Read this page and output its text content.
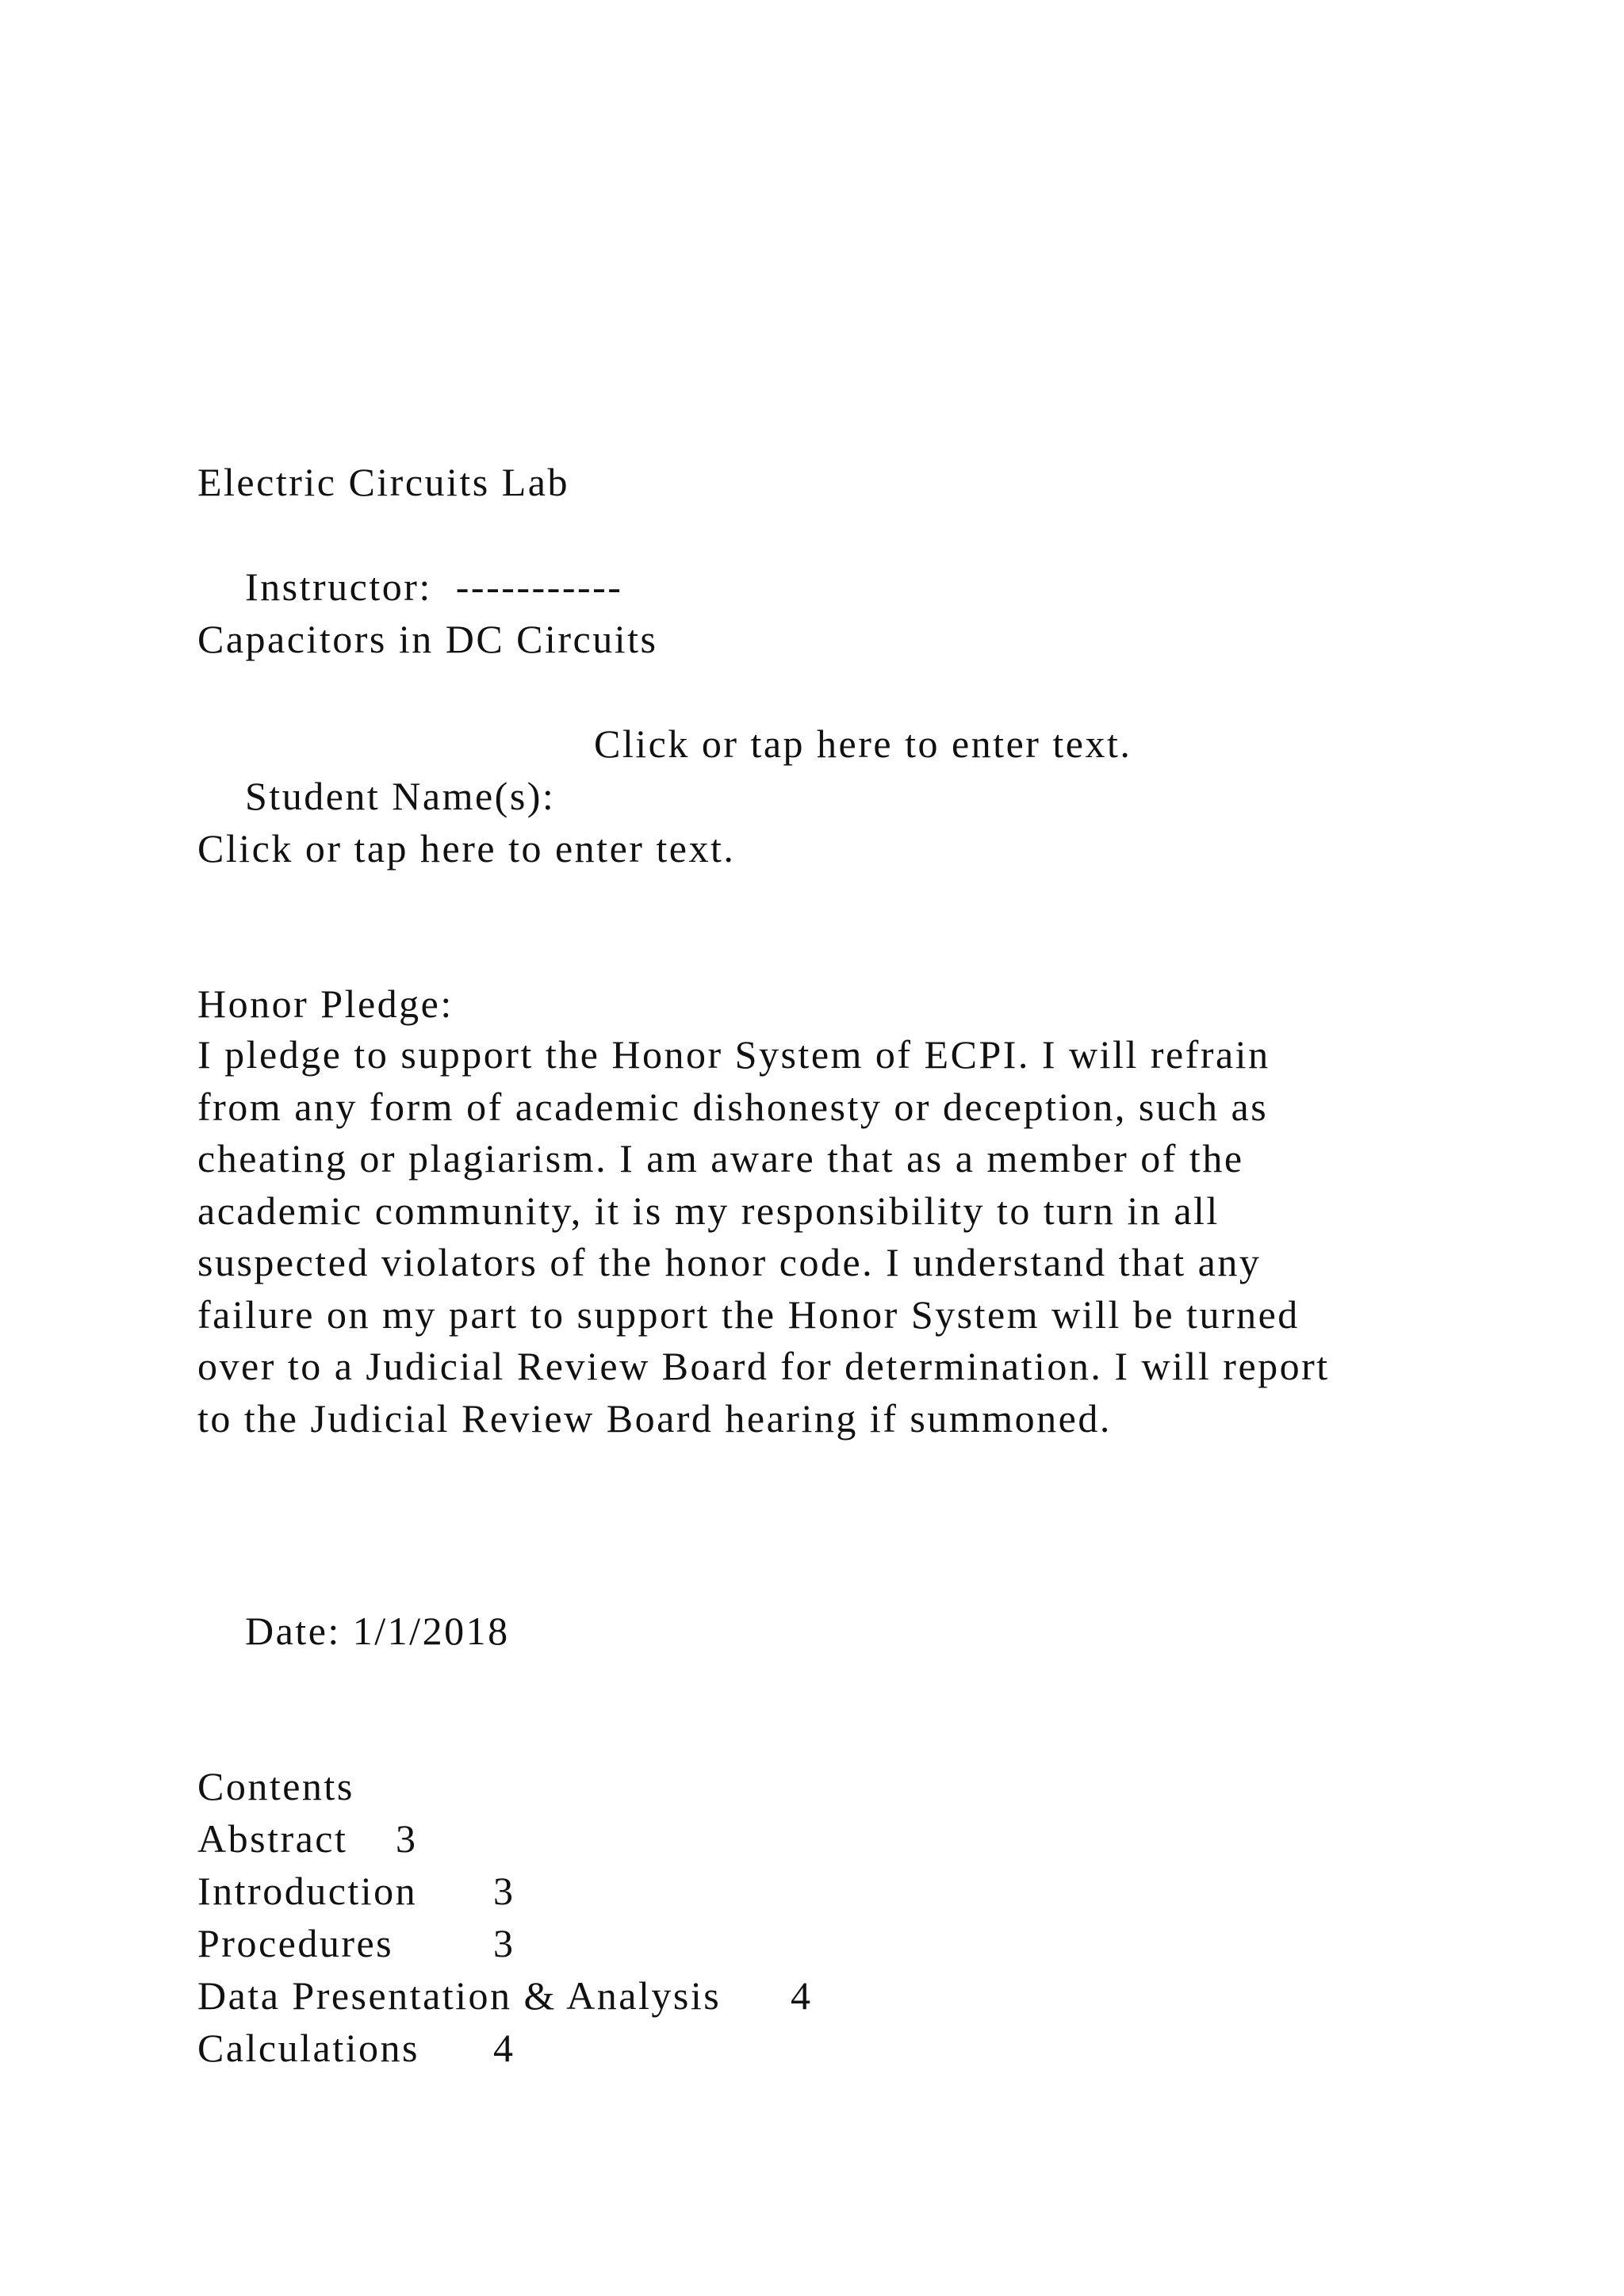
Electric Circuits Lab

Instructor: -----------

Capacitors in DC Circuits

Student Name(s):

Click or tap here to enter text.

Click or tap here to enter text.
Honor Pledge:
I pledge to support the Honor System of ECPI. I will refrain
from any form of academic dishonesty or deception, such as
cheating or plagiarism. I am aware that as a member of the
academic community, it is my responsibility to turn in all
suspected violators of the honor code. I understand that any
failure on my part to support the Honor System will be turned
over to a Judicial Review Board for determination. I will report
to the Judicial Review Board hearing if summoned.

Date: 1/1/2018

Contents

Abstract

3

Introduction

3

Procedures

	3

Data Presentation & Analysis

4

Calculations

4
